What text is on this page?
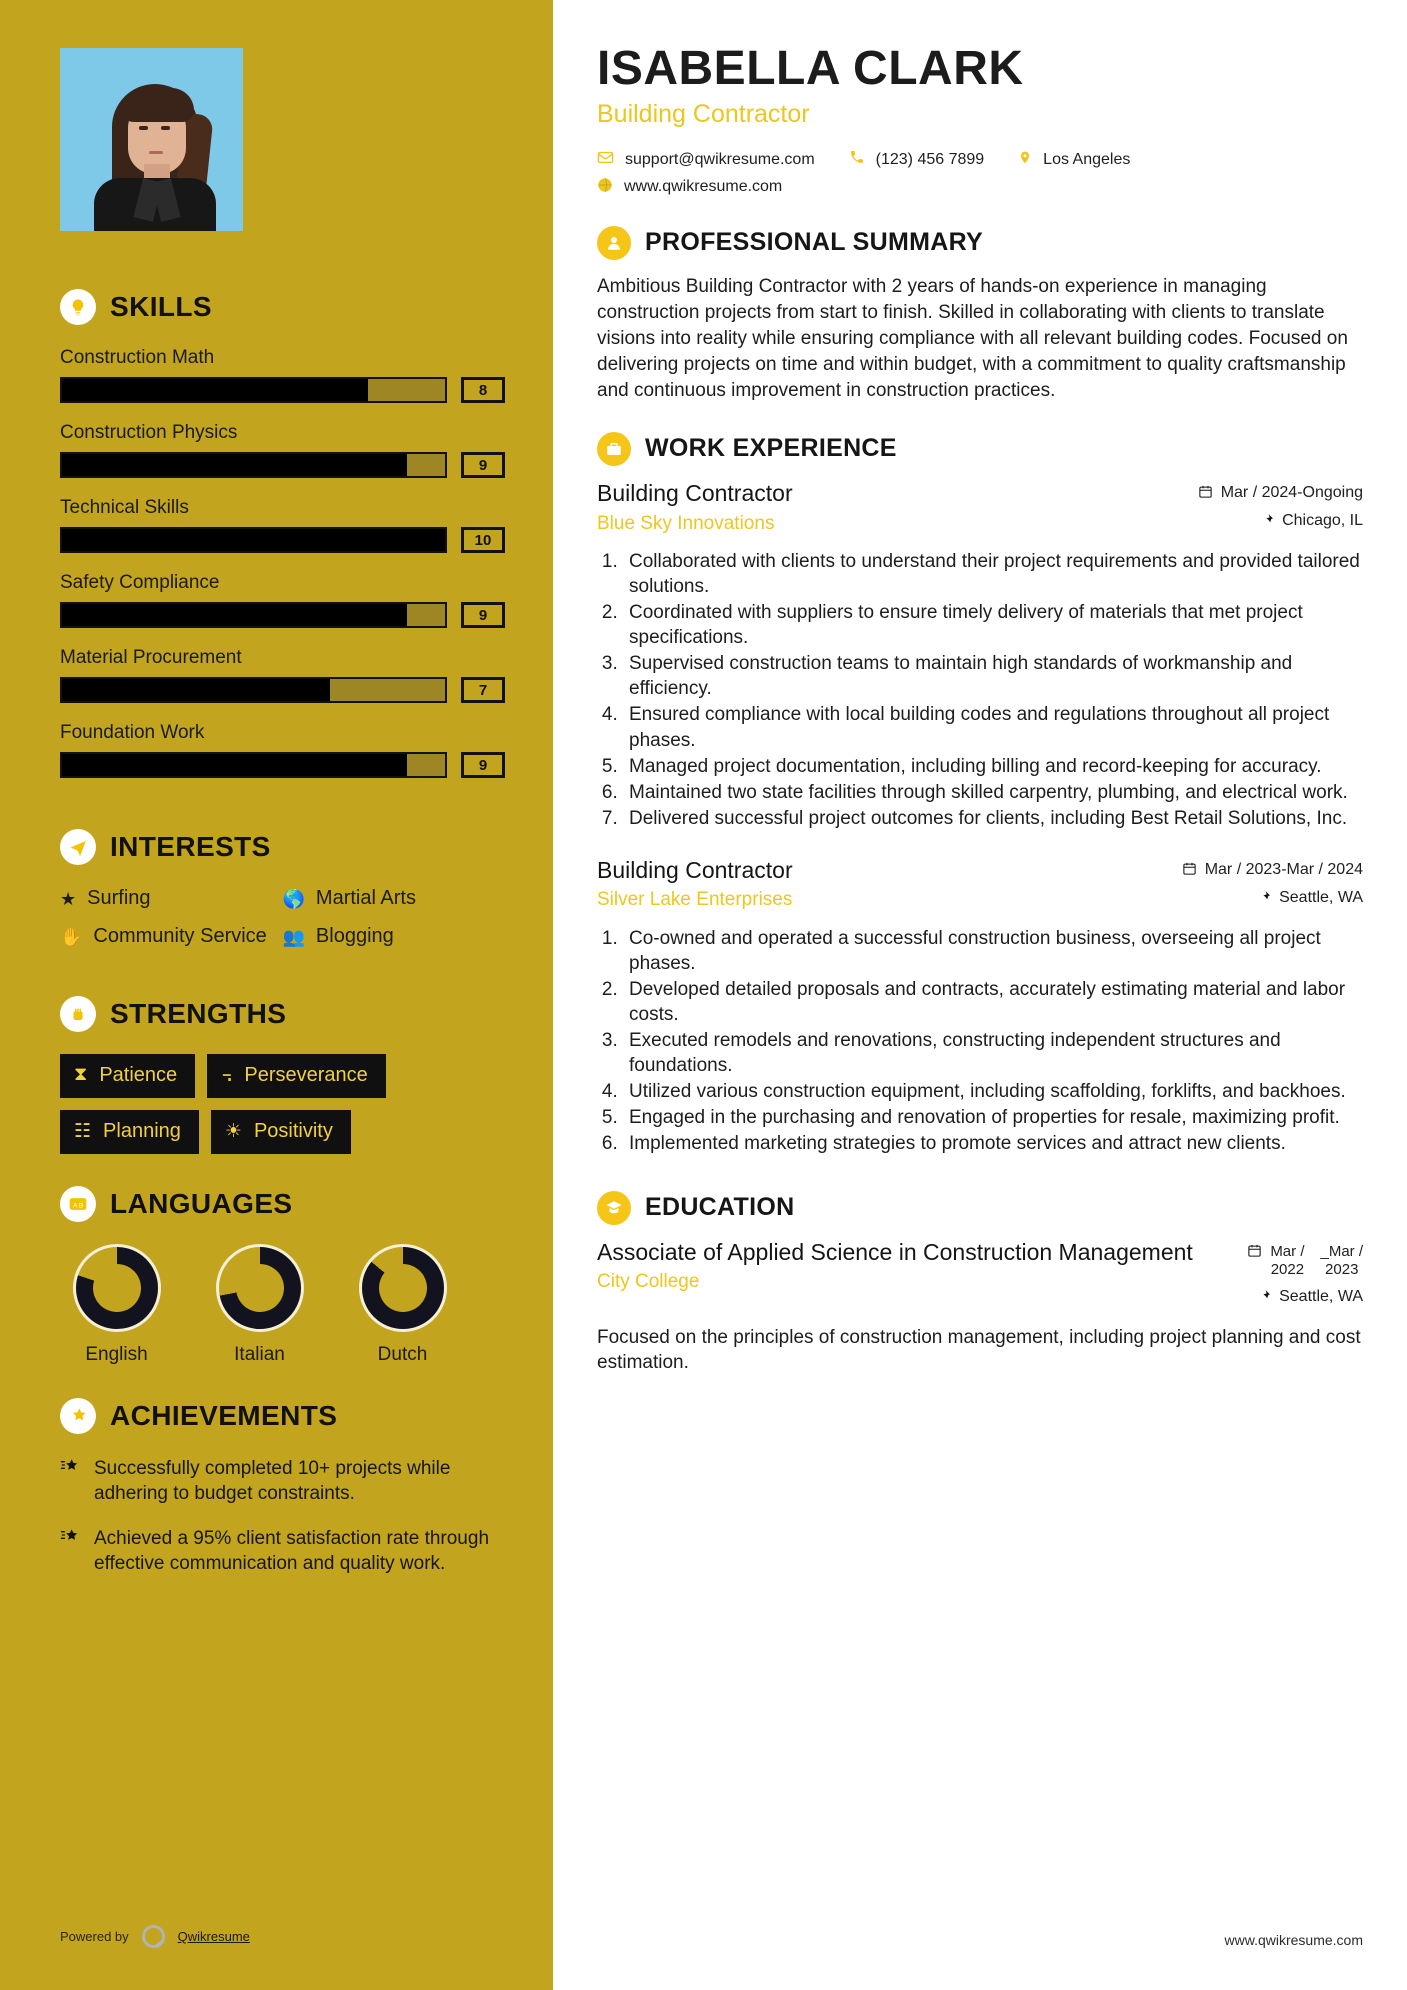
SKILLS
Construction Math
8
Construction Physics
9
Technical Skills
10
Safety Compliance
9
Material Procurement
7
Foundation Work
9
INTERESTS
★ Surfing	🌎 Martial Arts
✋ Community Service 👥 Blogging
STRENGTHS
⧗ Patience ꓾ Perseverance
☷ Planning ☀ Positivity
A B LANGUAGES
English	Italian	Dutch
ACHIEVEMENTS
Successfully completed 10+ projects while adhering to budget constraints.
Achieved a 95% client satisfaction rate through effective communication and quality work.
Powered by	Qwikresume
ISABELLA CLARK
Building Contractor
support@qwikresume.com	(123) 456 7899	Los Angeles
www.qwikresume.com
PROFESSIONAL SUMMARY

Ambitious Building Contractor with 2 years of hands-on experience in managing construction projects from start to finish. Skilled in collaborating with clients to translate visions into reality while ensuring compliance with all relevant building codes. Focused on delivering projects on time and within budget, with a commitment to quality craftsmanship and continuous improvement in construction practices.

WORK EXPERIENCE
Building Contractor
Blue Sky Innovations
Mar / 2024-Ongoing
Chicago, IL
1. Collaborated with clients to understand their project requirements and provided tailored solutions.
2. Coordinated with suppliers to ensure timely delivery of materials that met project specifications.
3. Supervised construction teams to maintain high standards of workmanship and efficiency.
4. Ensured compliance with local building codes and regulations throughout all project phases.
5. Managed project documentation, including billing and record-keeping for accuracy.
6. Maintained two state facilities through skilled carpentry, plumbing, and electrical work.
7. Delivered successful project outcomes for clients, including Best Retail Solutions, Inc.
Building Contractor
Silver Lake Enterprises
Mar / 2023-Mar / 2024
Seattle, WA
1. Co-owned and operated a successful construction business, overseeing all project phases.
2. Developed detailed proposals and contracts, accurately estimating material and labor costs.
3. Executed remodels and renovations, constructing independent structures and foundations.
4. Utilized various construction equipment, including scaffolding, forklifts, and backhoes.
5. Engaged in the purchasing and renovation of properties for resale, maximizing profit.
6. Implemented marketing strategies to promote services and attract new clients.
EDUCATION
Associate of Applied Science in Construction Management
City College
Mar /
2022
_Mar /
2023
Seattle, WA
Focused on the principles of construction management, including project planning and cost estimation.
www.qwikresume.com
